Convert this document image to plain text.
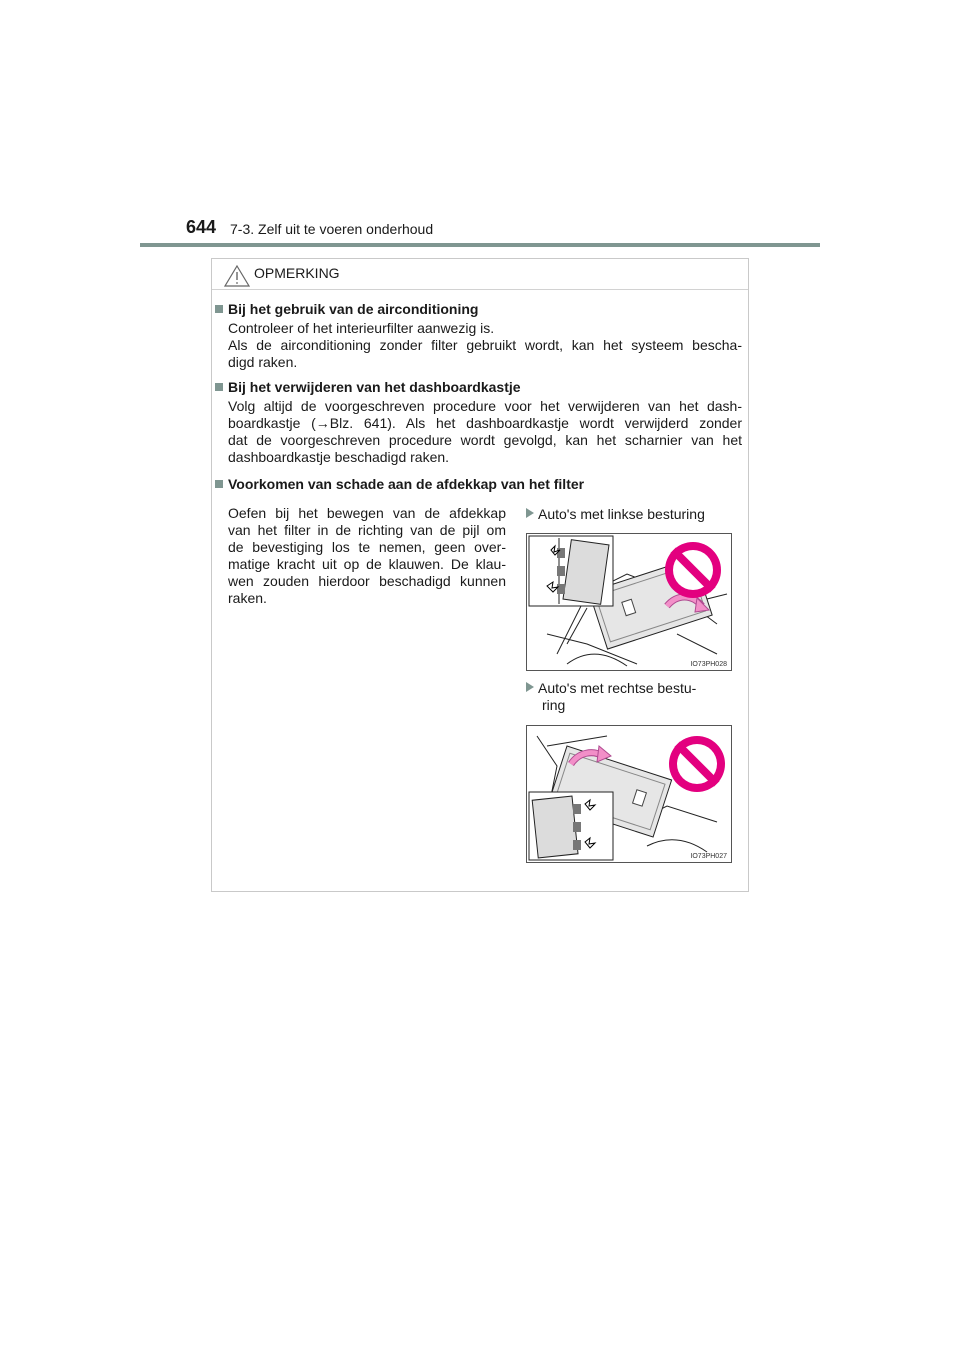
644 7-3. Zelf uit te voeren onderhoud
OPMERKING
Bij het gebruik van de airconditioning
Controleer of het interieurfilter aanwezig is.
Als de airconditioning zonder filter gebruikt wordt, kan het systeem bescha-
digd raken.
Bij het verwijderen van het dashboardkastje
Volg altijd de voorgeschreven procedure voor het verwijderen van het dash-
boardkastje (→Blz. 641). Als het dashboardkastje wordt verwijderd zonder
dat de voorgeschreven procedure wordt gevolgd, kan het scharnier van het
dashboardkastje beschadigd raken.
Voorkomen van schade aan de afdekkap van het filter
Oefen bij het bewegen van de afdekkap
van het filter in de richting van de pijl om
de bevestiging los te nemen, geen over-
matige kracht uit op de klauwen. De klau-
wen zouden hierdoor beschadigd kunnen
raken.
Auto's met linkse besturing
IO73PH028
Auto's met rechtse bestu-
ring
IO73PH027
